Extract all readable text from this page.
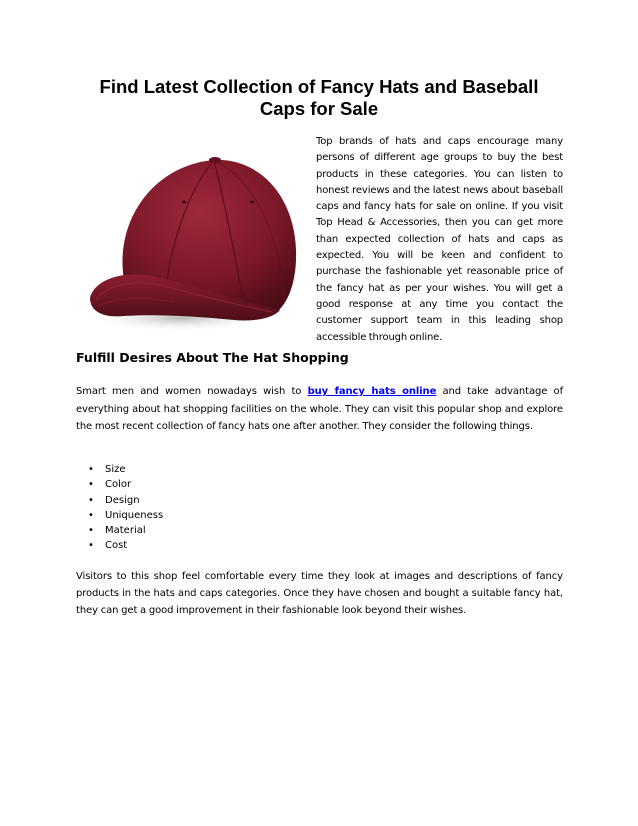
Find Latest Collection of Fancy Hats and Baseball Caps for Sale

Top brands of hats and caps encourage many persons of different age groups to buy the best products in these categories. You can listen to honest reviews and the latest news about baseball caps and fancy hats for sale on online. If you visit Top Head & Accessories, then you can get more than expected collection of hats and caps as expected. You will be keen and confident to purchase the fashionable yet reasonable price of the fancy hat as per your wishes. You will get a good response at any time you contact the customer support team in this leading shop accessible through online.

Fulfill Desires About The Hat Shopping

Smart men and women nowadays wish to buy fancy hats online and take advantage of everything about hat shopping facilities on the whole. They can visit this popular shop and explore the most recent collection of fancy hats one after another. They consider the following things.

• Size
• Color
• Design
• Uniqueness
• Material
• Cost

Visitors to this shop feel comfortable every time they look at images and descriptions of fancy products in the hats and caps categories. Once they have chosen and bought a suitable fancy hat, they can get a good improvement in their fashionable look beyond their wishes.
